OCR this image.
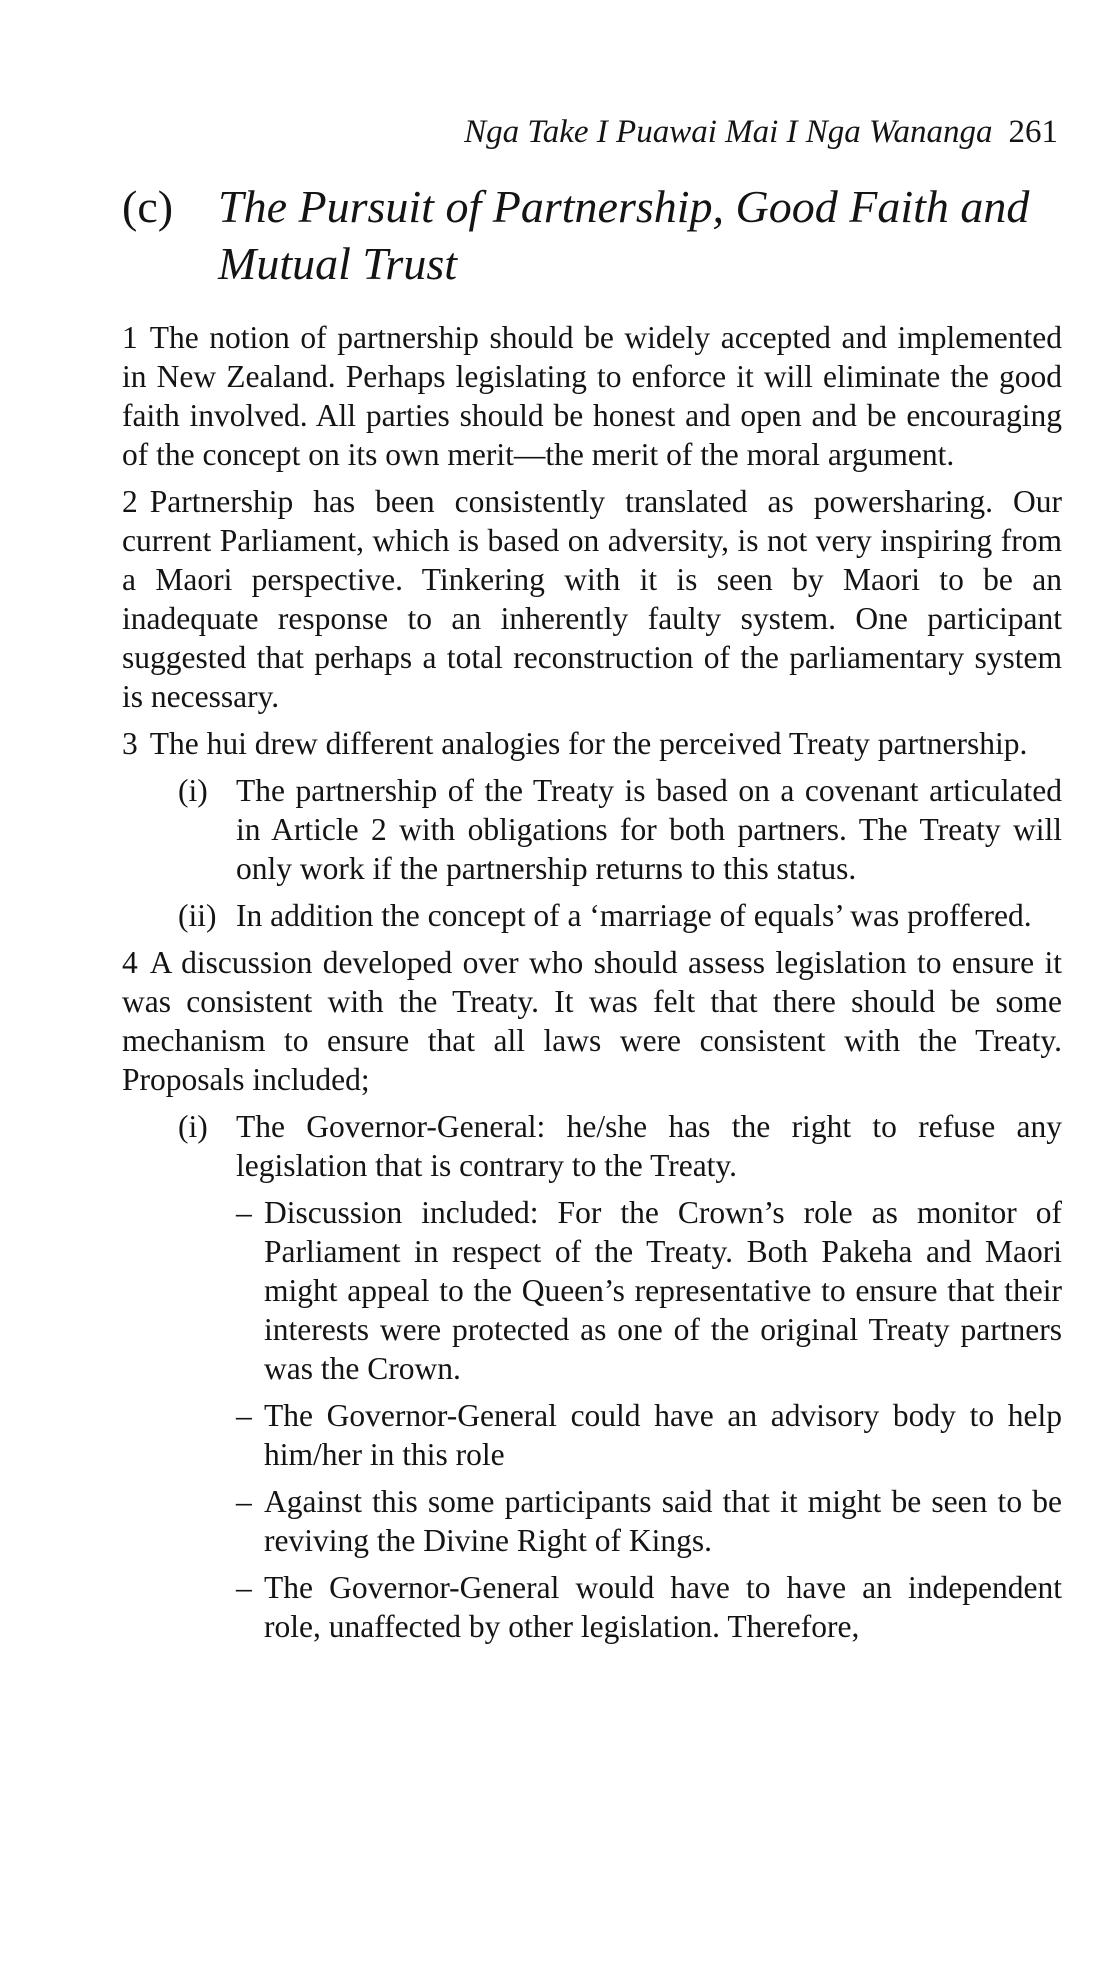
Nga Take I Puawai Mai I Nga Wananga 261
(c) The Pursuit of Partnership, Good Faith and Mutual Trust

1 The notion of partnership should be widely accepted and implemented in New Zealand. Perhaps legislating to enforce it will eliminate the good faith involved. All parties should be honest and open and be encouraging of the concept on its own merit—the merit of the moral argument.

2 Partnership has been consistently translated as powersharing. Our current Parliament, which is based on adversity, is not very inspiring from a Maori perspective. Tinkering with it is seen by Maori to be an inadequate response to an inherently faulty system. One participant suggested that perhaps a total reconstruction of the parliamentary system is necessary.

3 The hui drew different analogies for the perceived Treaty partnership.

(i) The partnership of the Treaty is based on a covenant articulated in Article 2 with obligations for both partners. The Treaty will only work if the partnership returns to this status.
(ii) In addition the concept of a ‘marriage of equals’ was proffered.

4 A discussion developed over who should assess legislation to ensure it was consistent with the Treaty. It was felt that there should be some mechanism to ensure that all laws were consistent with the Treaty. Proposals included;

(i) The Governor-General: he/she has the right to refuse any legislation that is contrary to the Treaty.

– Discussion included: For the Crown’s role as monitor of Parliament in respect of the Treaty. Both Pakeha and Maori might appeal to the Queen’s representative to ensure that their interests were protected as one of the original Treaty partners was the Crown.

– The Governor-General could have an advisory body to help him/her in this role

– Against this some participants said that it might be seen to be reviving the Divine Right of Kings.

– The Governor-General would have to have an independent role, unaffected by other legislation. Therefore,
